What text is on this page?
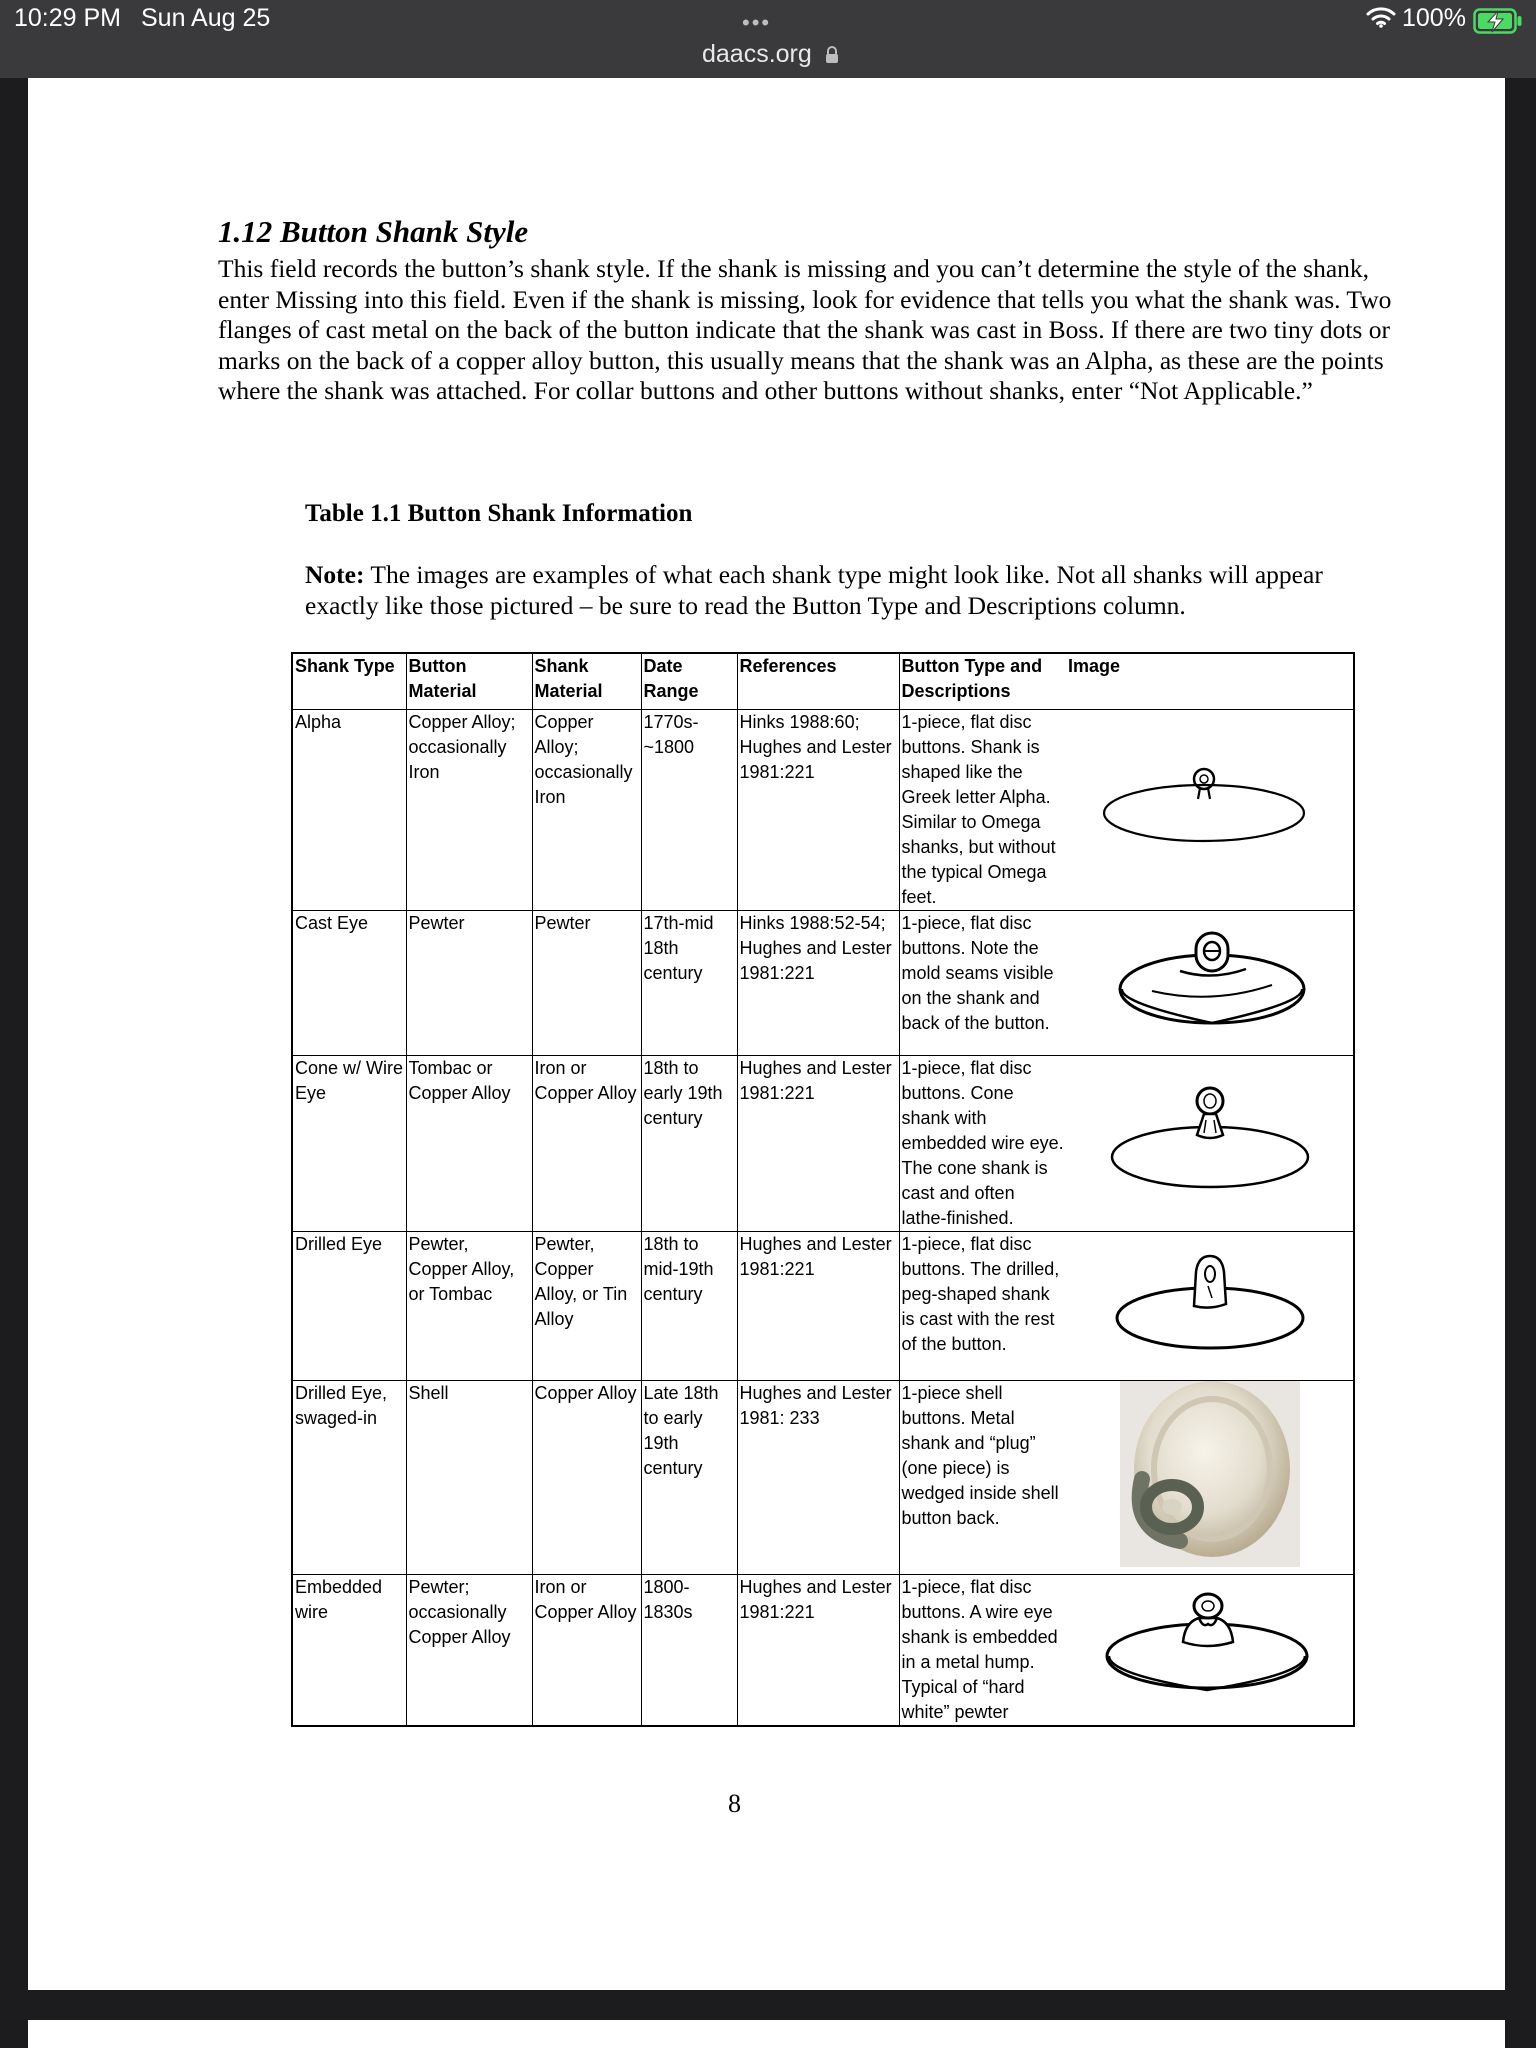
10:29 PM Sun Aug 25	•••
daacs.org
100%
1.12 Button Shank Style
This field records the button’s shank style. If the shank is missing and you can’t determine the style of the shank, enter Missing into this field. Even if the shank is missing, look for evidence that tells you what the shank was. Two flanges of cast metal on the back of the button indicate that the shank was cast in Boss. If there are two tiny dots or marks on the back of a copper alloy button, this usually means that the shank was an Alpha, as these are the points where the shank was attached. For collar buttons and other buttons without shanks, enter “Not Applicable.”
Table 1.1 Button Shank Information
Note: The images are examples of what each shank type might look like. Not all shanks will appear exactly like those pictured – be sure to read the Button Type and Descriptions column.
Shank Type	Button Material	Shank Material	Date Range	References	Button Type and Descriptions	Image
Alpha	Copper Alloy; occasionally Iron	Copper Alloy; occasionally Iron	1770s-~1800	Hinks 1988:60; Hughes and Lester 1981:221	1-piece, flat disc buttons. Shank is shaped like the Greek letter Alpha. Similar to Omega shanks, but without the typical Omega feet.	
Cast Eye	Pewter	Pewter	17th-mid 18th century	Hinks 1988:52-54; Hughes and Lester 1981:221	1-piece, flat disc buttons. Note the mold seams visible on the shank and back of the button.	
Cone w/ Wire Eye	Tombac or Copper Alloy	Iron or Copper Alloy	18th to early 19th century	Hughes and Lester 1981:221	1-piece, flat disc buttons. Cone shank with embedded wire eye. The cone shank is cast and often lathe-finished.	
Drilled Eye	Pewter, Copper Alloy, or Tombac	Pewter, Copper Alloy, or Tin Alloy	18th to mid-19th century	Hughes and Lester 1981:221	1-piece, flat disc buttons. The drilled, peg-shaped shank is cast with the rest of the button.	
Drilled Eye, swaged-in	Shell	Copper Alloy	Late 18th to early 19th century	Hughes and Lester 1981: 233	1-piece shell buttons. Metal shank and “plug” (one piece) is wedged inside shell button back.	
Embedded wire	Pewter; occasionally Copper Alloy	Iron or Copper Alloy	1800-1830s	Hughes and Lester 1981:221	1-piece, flat disc buttons. A wire eye shank is embedded in a metal hump. Typical of “hard white” pewter	
8
